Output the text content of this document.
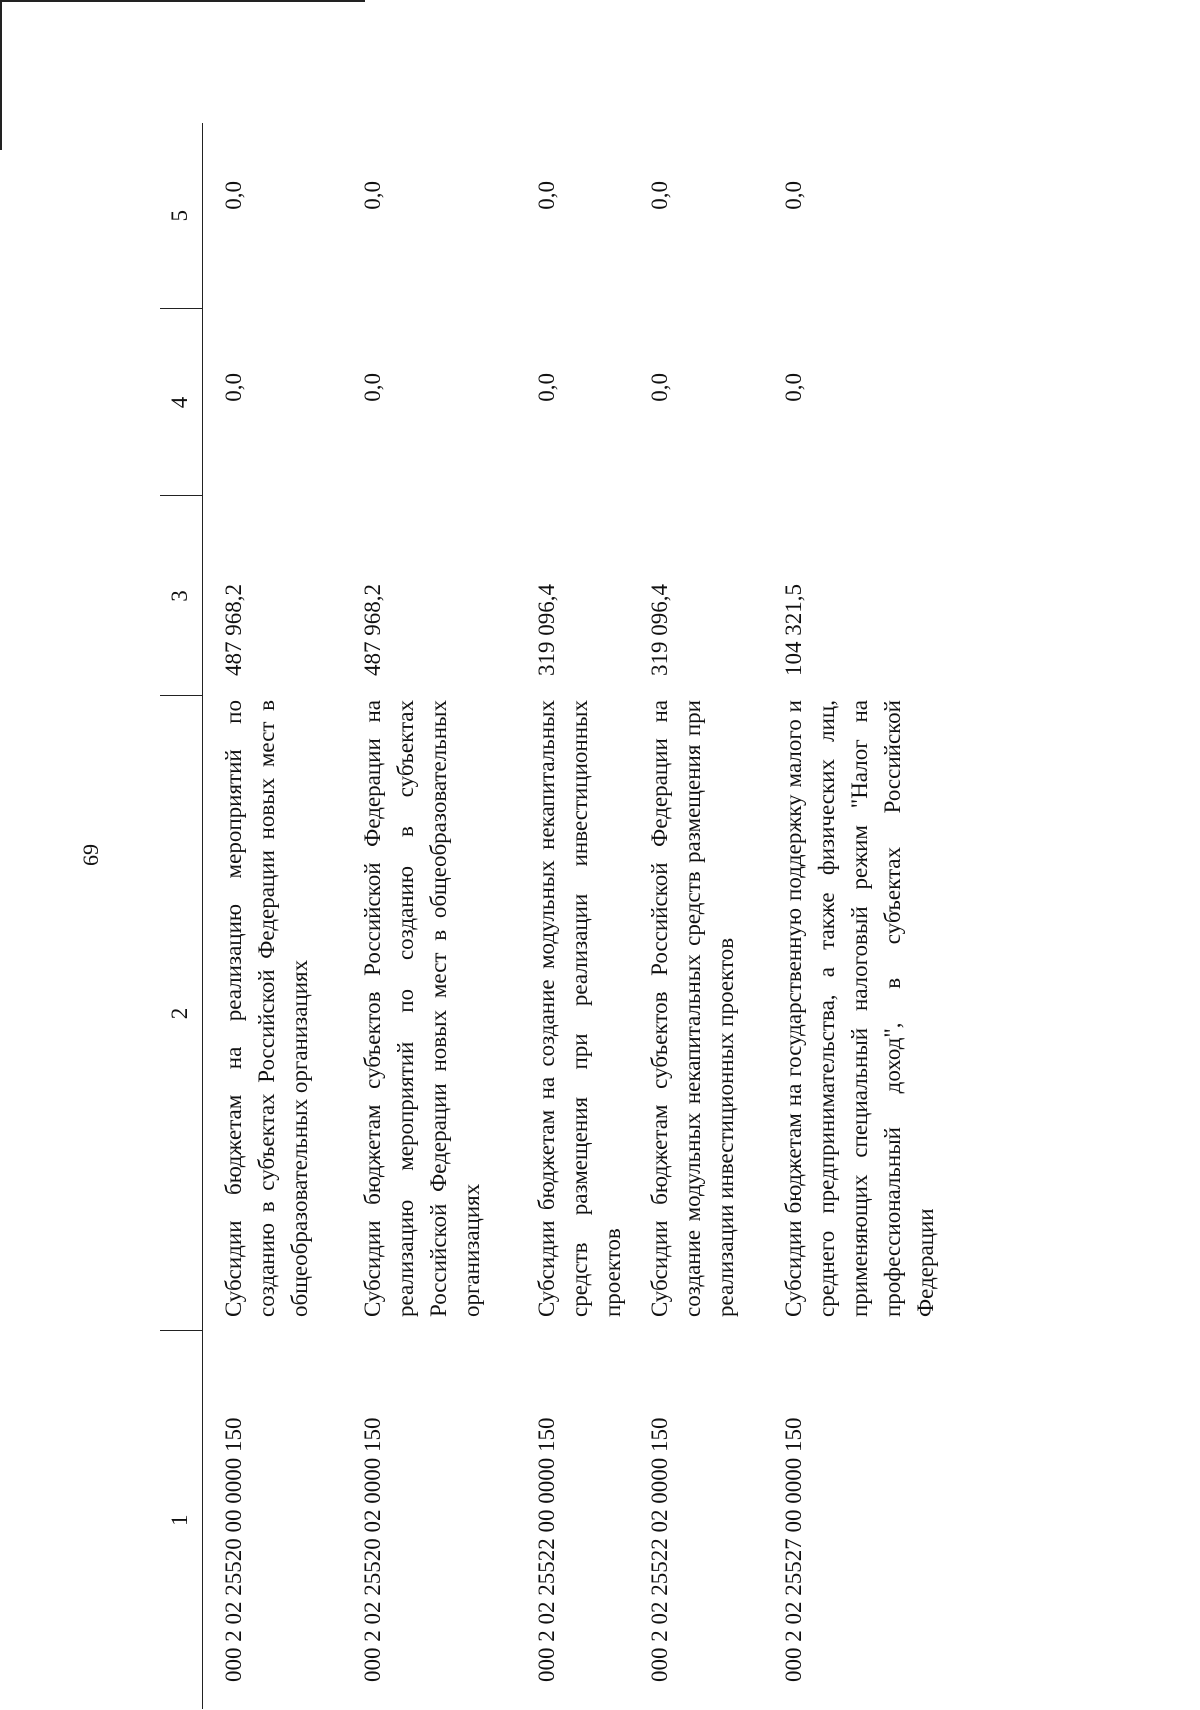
69
1	2	3	4	5
000 2 02 25520 00 0000 150	Субсидии бюджетам на реализацию мероприятий по созданию в субъектах Российской Федерации новых мест в общеобразовательных организациях	487 968,2	0,0	0,0
000 2 02 25520 02 0000 150	Субсидии бюджетам субъектов Российской Федерации на реализацию мероприятий по созданию в субъектах Российской Федерации новых мест в общеобразовательных организациях	487 968,2	0,0	0,0
000 2 02 25522 00 0000 150	Субсидии бюджетам на создание модульных некапитальных средств размещения при реализации инвестиционных проектов	319 096,4	0,0	0,0
000 2 02 25522 02 0000 150	Субсидии бюджетам субъектов Российской Федерации на создание модульных некапитальных средств размещения при реализации инвестиционных проектов	319 096,4	0,0	0,0
000 2 02 25527 00 0000 150	Субсидии бюджетам на государственную поддержку малого и среднего предпринимательства, а также физических лиц, применяющих специальный налоговый режим "Налог на профессиональный доход", в субъектах Российской Федерации	104 321,5	0,0	0,0
